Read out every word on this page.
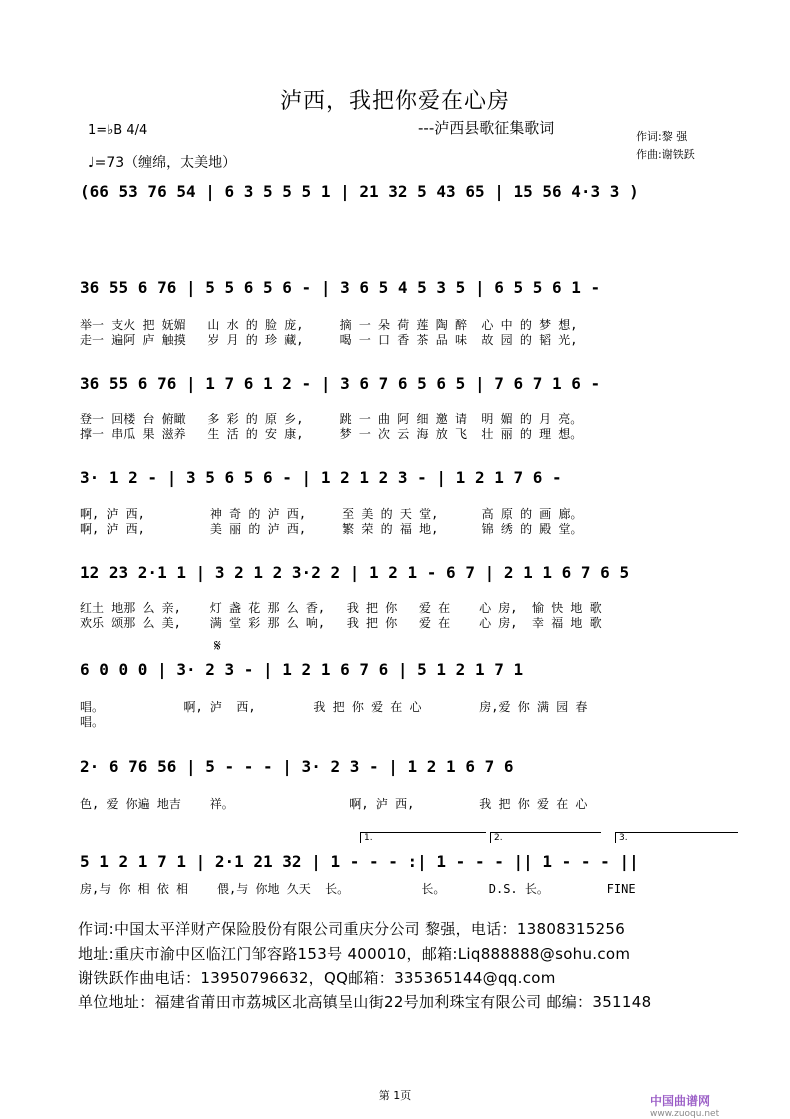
泸西，我把你爱在心房
---泸西县歌征集歌词	作词:黎 强
作曲:谢铁跃
1=♭B 4/4
♩=73（缠绵，太美地）
(66 53 76 54 | 6 3 5 5 5 1 | 21 32 5 43 65 | 15 56 4·3 3 )
36 55 6 76 | 5 5 6 5 6 - | 3 6 5 4 5 3 5 | 6 5 5 6 1 -
举一 支火 把 妩媚   山 水 的 脸 庞,     摘 一 朵 荷 莲 陶 醉  心 中 的 梦 想,
走一 遍阿 庐 触摸   岁 月 的 珍 藏,     喝 一 口 香 茶 品 味  故 园 的 韬 光,
36 55 6 76 | 1 7 6 1 2 - | 3 6 7 6 5 6 5 | 7 6 7 1 6 -
登一 回楼 台 俯瞰   多 彩 的 原 乡,     跳 一 曲 阿 细 邀 请  明 媚 的 月 亮。
撑一 串瓜 果 滋养   生 活 的 安 康,     梦 一 次 云 海 放 飞  壮 丽 的 理 想。
3· 1 2 - | 3 5 6 5 6 - | 1 2 1 2 3 - | 1 2 1 7 6 -
啊, 泸 西,         神 奇 的 泸 西,     至 美 的 天 堂,      高 原 的 画 廊。
啊, 泸 西,         美 丽 的 泸 西,     繁 荣 的 福 地,      锦 绣 的 殿 堂。
12 23 2·1 1 | 3 2 1 2 3·2 2 | 1 2 1 - 6 7 | 2 1 1 6 7 6 5
红土 地那 么 亲,    灯 盏 花 那 么 香,   我 把 你   爱 在    心 房,  愉 快 地 歌
欢乐 颂那 么 美,    满 堂 彩 那 么 响,   我 把 你   爱 在    心 房,  幸 福 地 歌
𝄋
6 0 0 0 | 3· 2 3 - | 1 2 1 6 7 6 | 5 1 2 1 7 1
唱。           啊, 泸  西,        我 把 你 爱 在 心        房,爱 你 满 园 春
唱。
2· 6 76 56 | 5 - - - | 3· 2 3 - | 1 2 1 6 7 6
色, 爱 你遍 地吉    祥。                啊, 泸 西,         我 把 你 爱 在 心
1.	2.	3.
5 1 2 1 7 1 | 2·1 21 32 | 1 - - - :| 1 - - - || 1 - - - ||
房,与 你 相 依 相    偎,与 你地 久天  长。          长。      D.S. 长。        FINE
作词:中国太平洋财产保险股份有限公司重庆分公司 黎强，电话：13808315256
地址:重庆市渝中区临江门邹容路153号 400010，邮箱:Liq888888@sohu.com
谢铁跃作曲电话：13950796632，QQ邮箱：335365144@qq.com
单位地址：福建省莆田市荔城区北高镇呈山街22号加利珠宝有限公司 邮编：351148
第 1页	中国曲谱网
www.zuoqu.net
